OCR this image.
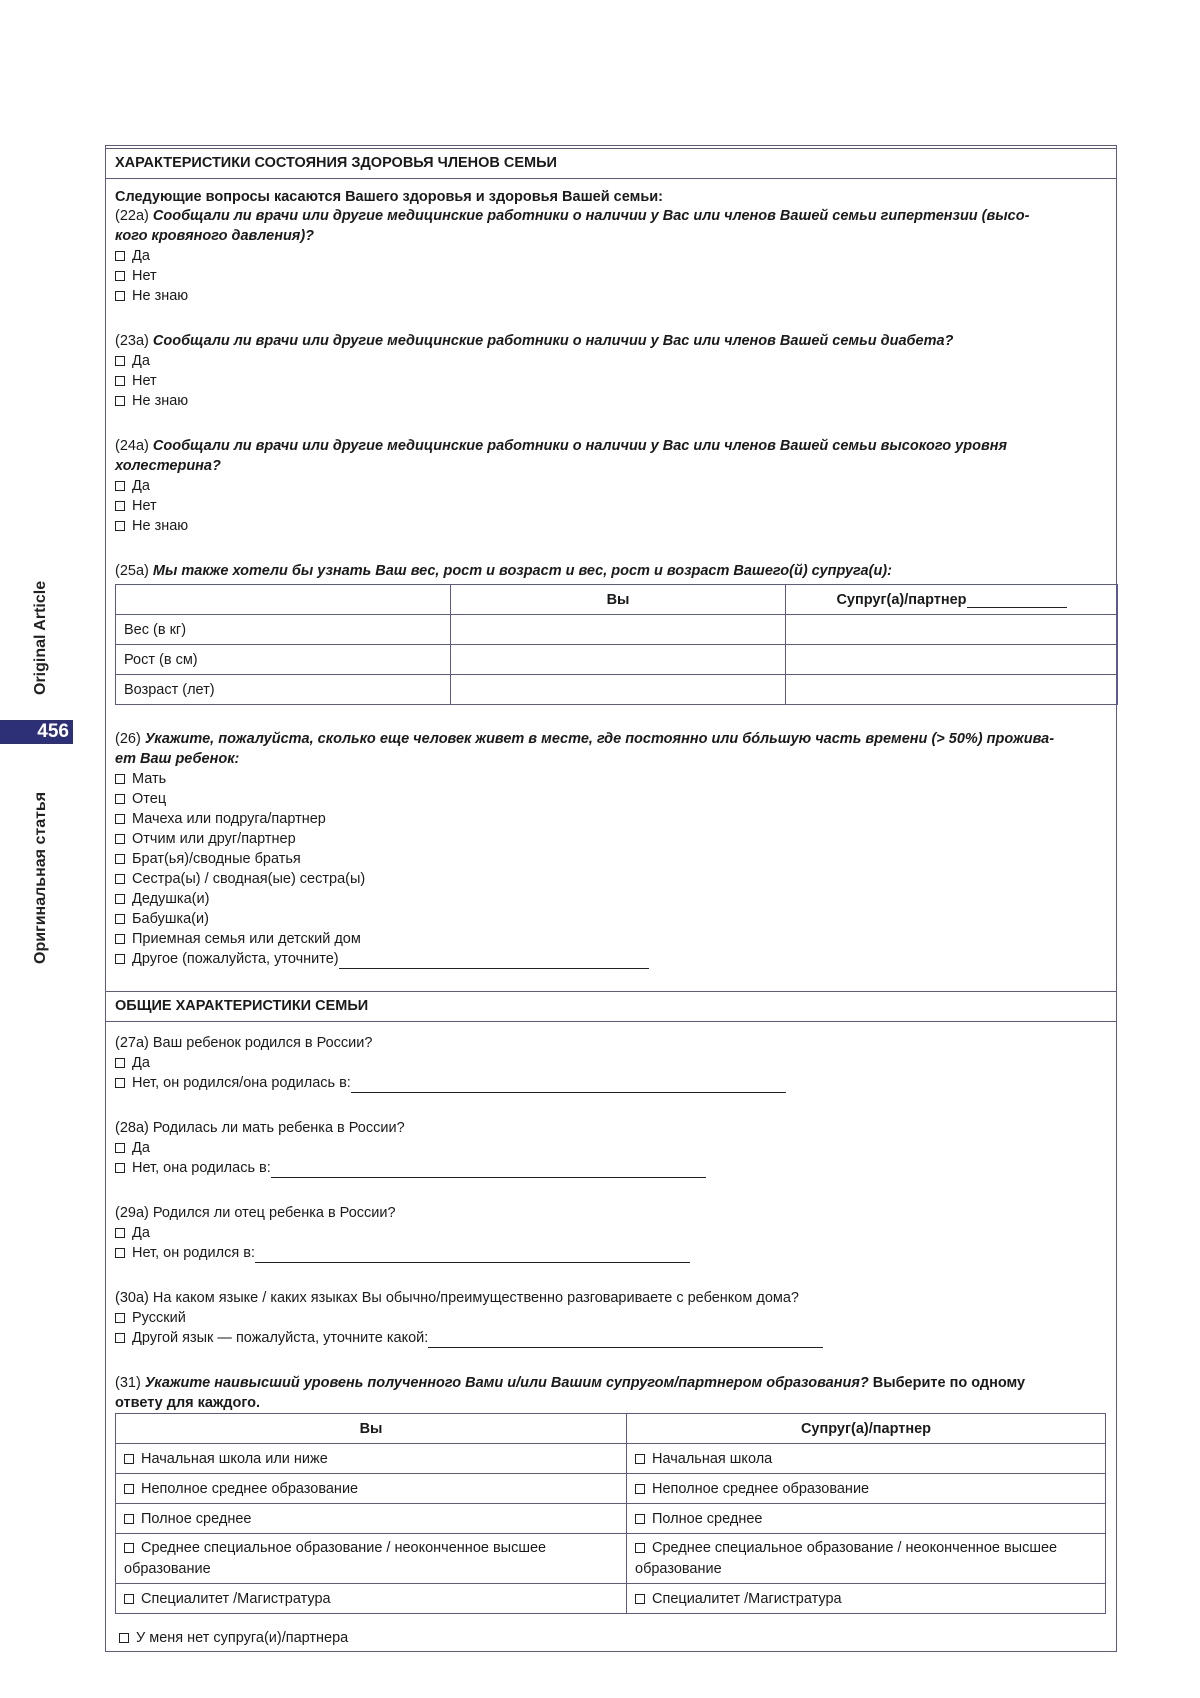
Original Article
456
Оригинальная статья
ХАРАКТЕРИСТИКИ СОСТОЯНИЯ ЗДОРОВЬЯ ЧЛЕНОВ СЕМЬИ
Следующие вопросы касаются Вашего здоровья и здоровья Вашей семьи:
(22а) Сообщали ли врачи или другие медицинские работники о наличии у Вас или членов Вашей семьи гипертензии (высо-
кого кровяного давления)?
Да
Нет
Не знаю
(23а) Сообщали ли врачи или другие медицинские работники о наличии у Вас или членов Вашей семьи диабета?
Да
Нет
Не знаю
(24а) Сообщали ли врачи или другие медицинские работники о наличии у Вас или членов Вашей семьи высокого уровня
холестерина?
Да
Нет
Не знаю
(25а) Мы также хотели бы узнать Ваш вес, рост и возраст и вес, рост и возраст Вашего(й) супруга(и):
	Вы	Супруг(а)/партнер
Вес (в кг)		
Рост (в см)		
Возраст (лет)		
(26) Укажите, пожалуйста, сколько еще человек живет в месте, где постоянно или бóльшую часть времени (> 50%) прожива-
ет Ваш ребенок:
Мать
Отец
Мачеха или подруга/партнер
Отчим или друг/партнер
Брат(ья)/сводные братья
Сестра(ы) / сводная(ые) сестра(ы)
Дедушка(и)
Бабушка(и)
Приемная семья или детский дом
Другое (пожалуйста, уточните)
ОБЩИЕ ХАРАКТЕРИСТИКИ СЕМЬИ
(27а) Ваш ребенок родился в России?
Да
Нет, он родился/она родилась в:
(28а) Родилась ли мать ребенка в России?
Да
Нет, она родилась в:
(29а) Родился ли отец ребенка в России?
Да
Нет, он родился в:
(30а) На каком языке / каких языках Вы обычно/преимущественно разговариваете с ребенком дома?
Русский
Другой язык — пожалуйста, уточните какой:
(31) Укажите наивысший уровень полученного Вами и/или Вашим супругом/партнером образования? Выберите по одному
ответу для каждого.
Вы	Супруг(а)/партнер
Начальная школа или ниже	Начальная школа
Неполное среднее образование	Неполное среднее образование
Полное среднее	Полное среднее
Среднее специальное образование / неоконченное высшее образование	Среднее специальное образование / неоконченное высшее образование
Специалитет /Магистратура	Специалитет /Магистратура
У меня нет супруга(и)/партнера
